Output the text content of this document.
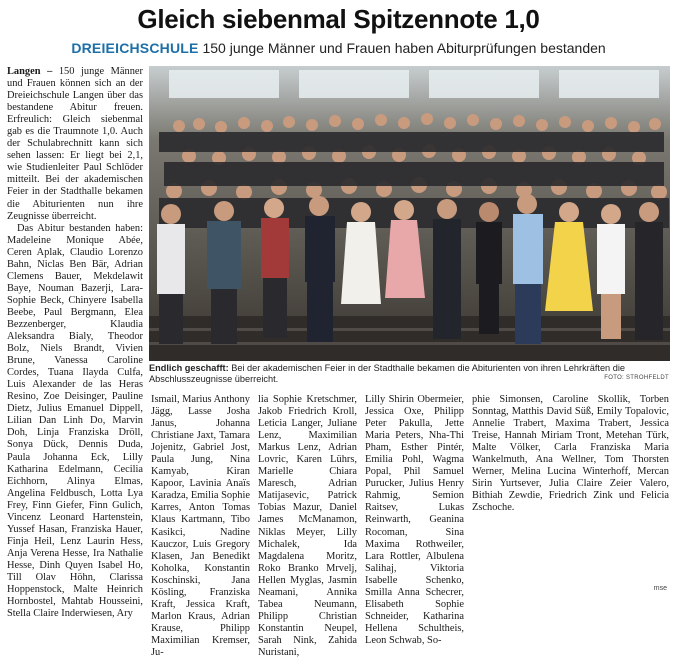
Gleich siebenmal Spitzennote 1,0
DREIEICHSCHULE 150 junge Männer und Frauen haben Abiturprüfungen bestanden

Langen – 150 junge Männer und Frauen können sich an der Dreieichschule Langen über das bestandene Abitur freuen. Erfreulich: Gleich siebenmal gab es die Traumnote 1,0. Auch der Schulabrechnitt kann sich sehen lassen: Er liegt bei 2,1, wie Studienleiter Paul Schlöder mitteilt. Bei der akademischen Feier in der Stadthalle bekamen die Abiturienten nun ihre Zeugnisse überreicht.

Das Abitur bestanden haben: Madeleine Monique Abée, Ceren Aplak, Claudio Lorenzo Bahn, Niclas Ben Bär, Adrian Clemens Bauer, Mekdelawit Baye, Nouman Bazerji, Lara-Sophie Beck, Chinyere Isabella Beebe, Paul Bergmann, Elea Bezzenberger, Klaudia Aleksandra Bialy, Theodor Bolz, Niels Brandt, Vivien Brune, Vanessa Caroline Cordes, Tuana Ilayda Culfa, Luis Alexander de las Heras Resino, Zoe Deisinger, Pauline Dietz, Julius Emanuel Dippell, Lilian Dan Linh Do, Marvin Doh, Linja Franziska Dröll, Sonya Dück, Dennis Duda, Paula Johanna Eck, Lilly Katharina Edelmann, Cecilia Eichhorn, Alinya Elmas, Angelina Feldbusch, Lotta Lya Frey, Finn Giefer, Finn Gulich, Vincenz Leonard Hartenstein, Yussef Hasan, Franziska Hauer, Finja Heil, Lenz Laurin Hess, Anja Verena Hesse, Ira Nathalie Hesse, Dinh Quyen Isabel Ho, Till Olav Höhn, Clarissa Hoppenstock, Malte Heinrich Hornbostel, Mahtab Housseini, Stella Claire Inderwiesen, Ary

Endlich geschafft: Bei der akademischen Feier in der Stadthalle bekamen die Abiturienten von ihren Lehrkräften die Abschlusszeugnisse überreicht.	FOTO: STROHFELDT

Ismail, Marius Anthony Jägg, Lasse Josha Janus, Johanna Christiane Jaxt, Tamara Jojenitz, Gabriel Jost, Paula Jung, Nina Kamyab, Kiran Kapoor, Lavinia Anaïs Karadza, Emilia Sophie Karres, Anton Tomas Klaus Kartmann, Tibo Kasikci, Nadine Kauczor, Luis Gregory Klasen, Jan Benedikt Koholka, Konstantin Koschinski, Jana Kösling, Franziska Kraft, Jessica Kraft, Marlon Kraus, Adrian Krause, Philipp Maximilian Kremser, Ju-

lia Sophie Kretschmer, Jakob Friedrich Kroll, Leticia Langer, Juliane Lenz, Maximilian Markus Lenz, Adrian Lovric, Karen Lührs, Marielle Chiara Maresch, Adrian Matijasevic, Patrick Tobias Mazur, Daniel James McManamon, Niklas Meyer, Lilly Michalek, Ida Magdalena Moritz, Roko Branko Mrvelj, Hellen Myglas, Jasmin Neamani, Annika Tabea Neumann, Philipp Christian Konstantin Neupel, Sarah Nink, Zahida Nuristani,

Lilly Shirin Obermeier, Jessica Oxe, Philipp Peter Pakulla, Jette Maria Peters, Nha-Thi Pham, Esther Pintér, Emilia Pohl, Wagma Popal, Phil Samuel Purucker, Julius Henry Rahmig, Semion Raitsev, Lukas Reinwarth, Geanina Rocoman, Sina Maxima Rothweiler, Lara Rottler, Albulena Salihaj, Viktoria Isabelle Schenko, Smilla Anna Schecrer, Elisabeth Sophie Schneider, Katharina Hellena Schultheis, Leon Schwab, So-

phie Simonsen, Caroline Skollik, Torben Sonntag, Matthis David Süß, Emily Topalovic, Annelie Trabert, Maxima Trabert, Jessica Treise, Hannah Miriam Tront, Metehan Türk, Malte Völker, Carla Franziska Maria Wankelmuth, Ana Wellner, Tom Thorsten Werner, Melina Lucina Winterhoff, Mercan Sirin Yurtsever, Julia Claire Zeier Valero, Bithiah Zewdie, Friedrich Zink und Felicia Zschoche.

mse
